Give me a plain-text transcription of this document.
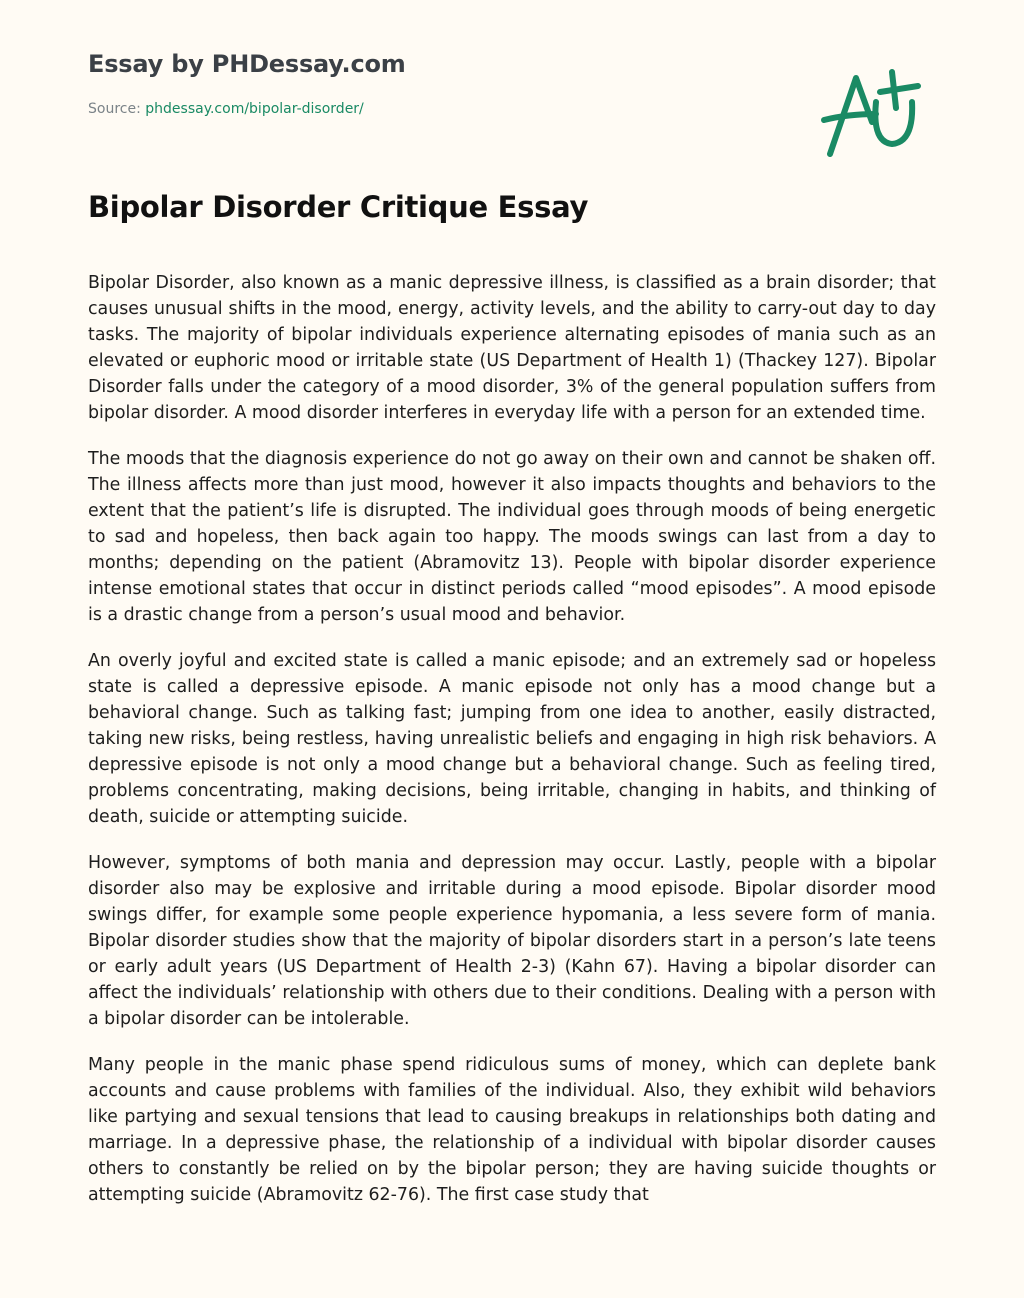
Essay by PHDessay.com
Source: phdessay.com/bipolar-disorder/
Bipolar Disorder Critique Essay

Bipolar Disorder, also known as a manic depressive illness, is classified as a brain disorder; that causes unusual shifts in the mood, energy, activity levels, and the ability to carry-out day to day tasks. The majority of bipolar individuals experience alternating episodes of mania such as an elevated or euphoric mood or irritable state (US Department of Health 1) (Thackey 127). Bipolar Disorder falls under the category of a mood disorder, 3% of the general population suffers from bipolar disorder. A mood disorder interferes in everyday life with a person for an extended time.

The moods that the diagnosis experience do not go away on their own and cannot be shaken off. The illness affects more than just mood, however it also impacts thoughts and behaviors to the extent that the patient’s life is disrupted. The individual goes through moods of being energetic to sad and hopeless, then back again too happy. The moods swings can last from a day to months; depending on the patient (Abramovitz 13). People with bipolar disorder experience intense emotional states that occur in distinct periods called “mood episodes”. A mood episode is a drastic change from a person’s usual mood and behavior.

An overly joyful and excited state is called a manic episode; and an extremely sad or hopeless state is called a depressive episode. A manic episode not only has a mood change but a behavioral change. Such as talking fast; jumping from one idea to another, easily distracted, taking new risks, being restless, having unrealistic beliefs and engaging in high risk behaviors. A depressive episode is not only a mood change but a behavioral change. Such as feeling tired, problems concentrating, making decisions, being irritable, changing in habits, and thinking of death, suicide or attempting suicide.

However, symptoms of both mania and depression may occur. Lastly, people with a bipolar disorder also may be explosive and irritable during a mood episode. Bipolar disorder mood swings differ, for example some people experience hypomania, a less severe form of mania. Bipolar disorder studies show that the majority of bipolar disorders start in a person’s late teens or early adult years (US Department of Health 2-3) (Kahn 67). Having a bipolar disorder can affect the individuals’ relationship with others due to their conditions. Dealing with a person with a bipolar disorder can be intolerable.

Many people in the manic phase spend ridiculous sums of money, which can deplete bank accounts and cause problems with families of the individual. Also, they exhibit wild behaviors like partying and sexual tensions that lead to causing breakups in relationships both dating and marriage. In a depressive phase, the relationship of a individual with bipolar disorder causes others to constantly be relied on by the bipolar person; they are having suicide thoughts or attempting suicide (Abramovitz 62-76). The first case study that
